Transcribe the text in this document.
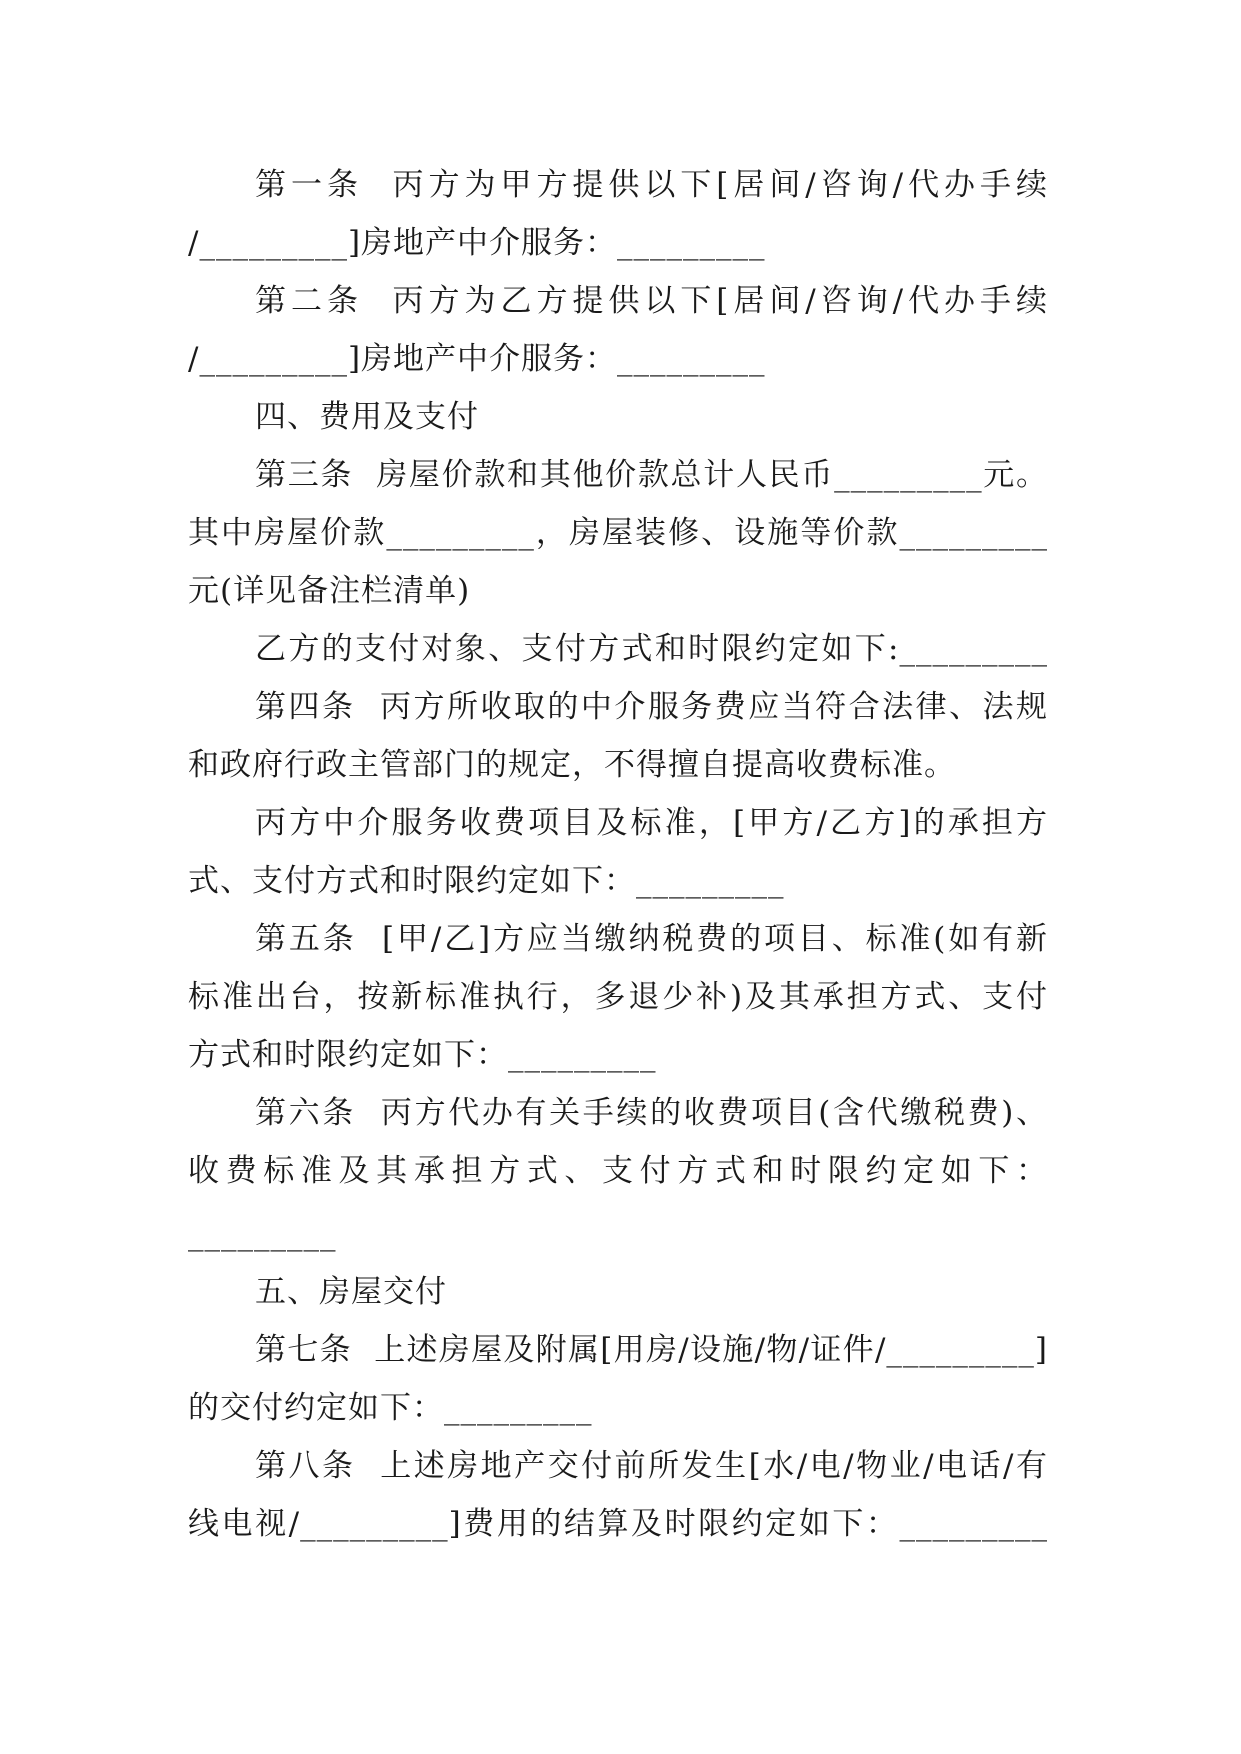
第一条  丙方为甲方提供以下[居间/咨询/代办手续
/_________]房地产中介服务：_________
第二条  丙方为乙方提供以下[居间/咨询/代办手续
/_________]房地产中介服务：_________
四、费用及支付
第三条  房屋价款和其他价款总计人民币_________元。
其中房屋价款_________，房屋装修、设施等价款_________
元(详见备注栏清单)
乙方的支付对象、支付方式和时限约定如下:_________
第四条  丙方所收取的中介服务费应当符合法律、法规
和政府行政主管部门的规定，不得擅自提高收费标准。
丙方中介服务收费项目及标准，[甲方/乙方]的承担方
式、支付方式和时限约定如下：_________
第五条  [甲/乙]方应当缴纳税费的项目、标准(如有新
标准出台，按新标准执行，多退少补)及其承担方式、支付
方式和时限约定如下：_________
第六条  丙方代办有关手续的收费项目(含代缴税费)、
收费标准及其承担方式、支付方式和时限约定如下：
_________
五、房屋交付
第七条  上述房屋及附属[用房/设施/物/证件/_________]
的交付约定如下：_________
第八条  上述房地产交付前所发生[水/电/物业/电话/有
线电视/_________]费用的结算及时限约定如下：_________
